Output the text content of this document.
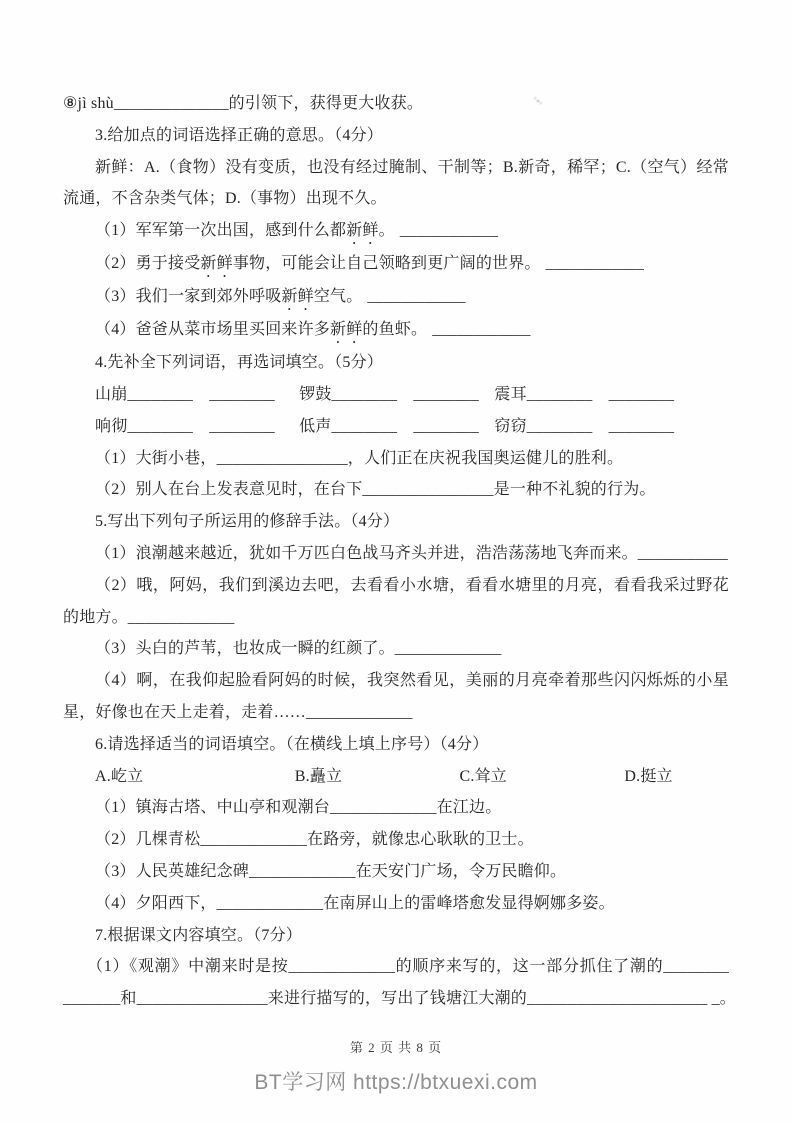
⑧jì shù______________的引领下，获得更大收获。

3.给加点的词语选择正确的意思。（4分）

新鲜：A.（食物）没有变质，也没有经过腌制、干制等；B.新奇，稀罕；C.（空气）经常

流通，不含杂类气体；D.（事物）出现不久。

（1）军军第一次出国，感到什么都新鲜。 ____________

（2）勇于接受新鲜事物，可能会让自己领略到更广阔的世界。 ____________

（3）我们一家到郊外呼吸新鲜空气。 ____________

（4）爸爸从菜市场里买回来许多新鲜的鱼虾。 ____________

4.先补全下列词语，再选词填空。（5分）

山崩________　________	锣鼓________　________ 震耳________　________
响彻________　________	低声________　________ 窃窃________　________

（1）大街小巷，________________，人们正在庆祝我国奥运健儿的胜利。

（2）别人在台上发表意见时，在台下________________是一种不礼貌的行为。

5.写出下列句子所运用的修辞手法。（4分）

（1）浪潮越来越近，犹如千万匹白色战马齐头并进，浩浩荡荡地飞奔而来。___________

（2）哦，阿妈，我们到溪边去吧，去看看小水塘，看看水塘里的月亮，看看我采过野花

的地方。_____________

（3）头白的芦苇，也妆成一瞬的红颜了。_____________

（4）啊，在我仰起脸看阿妈的时候，我突然看见，美丽的月亮牵着那些闪闪烁烁的小星

星，好像也在天上走着，走着……_____________

6.请选择适当的词语填空。（在横线上填上序号）（4分）

A.屹立	B.矗立	C.耸立	D.挺立

（1）镇海古塔、中山亭和观潮台_____________在江边。

（2）几棵青松_____________在路旁，就像忠心耿耿的卫士。

（3）人民英雄纪念碑_____________在天安门广场，令万民瞻仰。

（4）夕阳西下，_____________在南屏山上的雷峰塔愈发显得婀娜多姿。

7.根据课文内容填空。（7分）

（1）《观潮》中潮来时是按_____________的顺序来写的，这一部分抓住了潮的________

_______和________________来进行描写的，写出了钱塘江大潮的______________________ _。

第 2 页 共 8 页

BT学习网 https://btxuexi.com
